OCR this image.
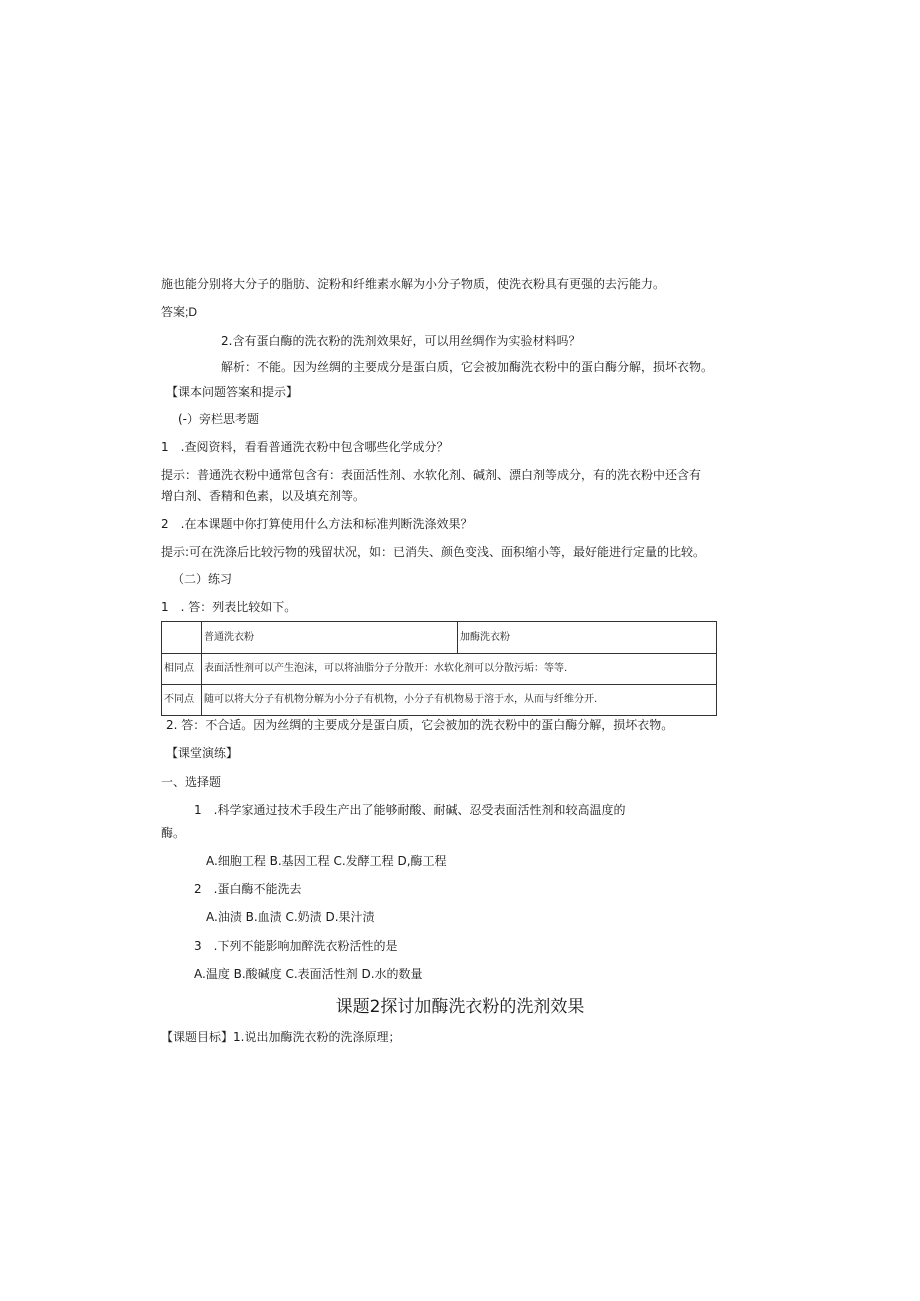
施也能分别将大分子的脂肪、淀粉和纤维素水解为小分子物质，使洗衣粉具有更强的去污能力。
答案;D
2.含有蛋白酶的洗衣粉的洗剂效果好，可以用丝绸作为实验材料吗？
解析：不能。因为丝绸的主要成分是蛋白质，它会被加酶洗衣粉中的蛋白酶分解，损坏衣物。
【课本问题答案和提示】
(-）旁栏思考题
1　.查阅资料，看看普通洗衣粉中包含哪些化学成分？
提示：普通洗衣粉中通常包含有：表面活性剂、水软化剂、碱剂、漂白剂等成分，有的洗衣粉中还含有
增白剂、香精和色素，以及填充剂等。
2　.在本课题中你打算使用什么方法和标准判断洗涤效果？
提示:可在洗涤后比较污物的残留状况，如：已消失、颜色变浅、面积缩小等，最好能进行定量的比较。
（二）练习
1　. 答：列表比较如下。
	普通洗衣粉	加酶洗衣粉
相同点	表面活性剂可以产生泡沫，可以将油脂分子分散开：水软化剂可以分散污垢：等等.	
不同点	随可以将大分子有机物分解为小分子有机物，小分子有机物易于溶于水，从而与纤维分开.	
2. 答：不合适。因为丝绸的主要成分是蛋白质，它会被加的洗衣粉中的蛋白酶分解，损坏衣物。
【课堂演练】
一、选择题
1　.科学家通过技术手段生产出了能够耐酸、耐碱、忍受表面活性剂和较高温度的
酶。
A.细胞工程 B.基因工程 C.发酵工程 D,酶工程
2　.蛋白酶不能洗去
A.油渍 B.血渍 C.奶渍 D.果汁渍
3　.下列不能影响加醉洗衣粉活性的是
A.温度 B.酸碱度 C.表面活性剂 D.水的数量
课题2探讨加酶洗衣粉的洗剂效果
【课题目标】1.说出加酶洗衣粉的洗涤原理；
